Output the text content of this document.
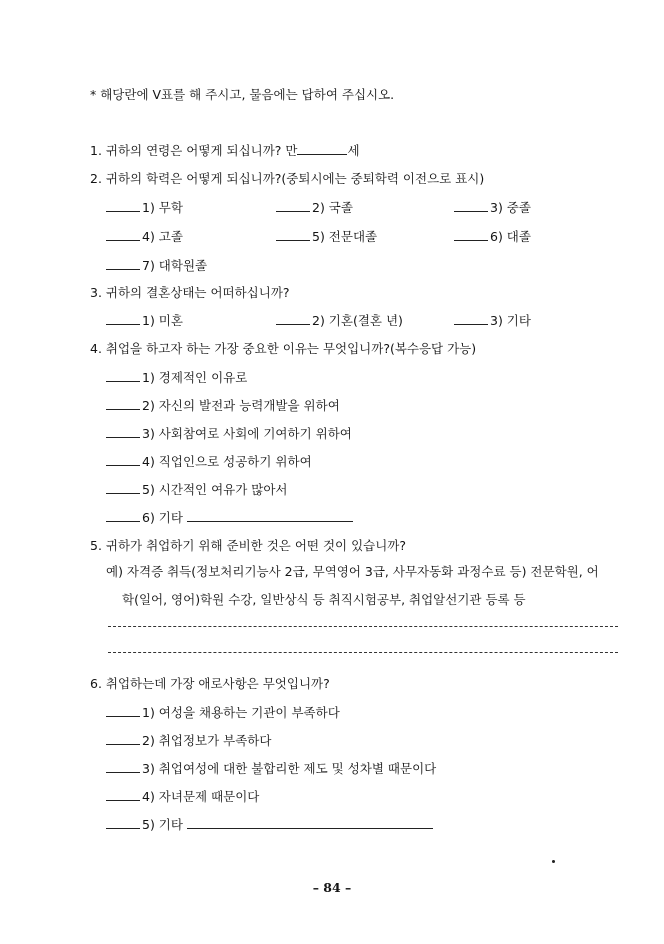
* 해당란에 V표를 해 주시고, 물음에는 답하여 주십시오.
1. 귀하의 연령은 어떻게 되십니까? 만	세
2. 귀하의 학력은 어떻게 되십니까?(중퇴시에는 중퇴학력 이전으로 표시)
1) 무학	2) 국졸	3) 중졸
4) 고졸	5) 전문대졸	6) 대졸
7) 대학원졸
3. 귀하의 결혼상태는 어떠하십니까?
1) 미혼	2) 기혼(결혼 년)	3) 기타
4. 취업을 하고자 하는 가장 중요한 이유는 무엇입니까?(복수응답 가능)
1) 경제적인 이유로
2) 자신의 발전과 능력개발을 위하여
3) 사회참여로 사회에 기여하기 위하여
4) 직업인으로 성공하기 위하여
5) 시간적인 여유가 많아서
6) 기타
5. 귀하가 취업하기 위해 준비한 것은 어떤 것이 있습니까?
예) 자격증 취득(정보처리기능사 2급, 무역영어 3급, 사무자동화 과정수료 등) 전문학원, 어
학(일어, 영어)학원 수강, 일반상식 등 취직시험공부, 취업알선기관 등록 등
6. 취업하는데 가장 애로사항은 무엇입니까?
1) 여성을 채용하는 기관이 부족하다
2) 취업정보가 부족하다
3) 취업여성에 대한 불합리한 제도 및 성차별 때문이다
4) 자녀문제 때문이다
5) 기타
– 84 –
